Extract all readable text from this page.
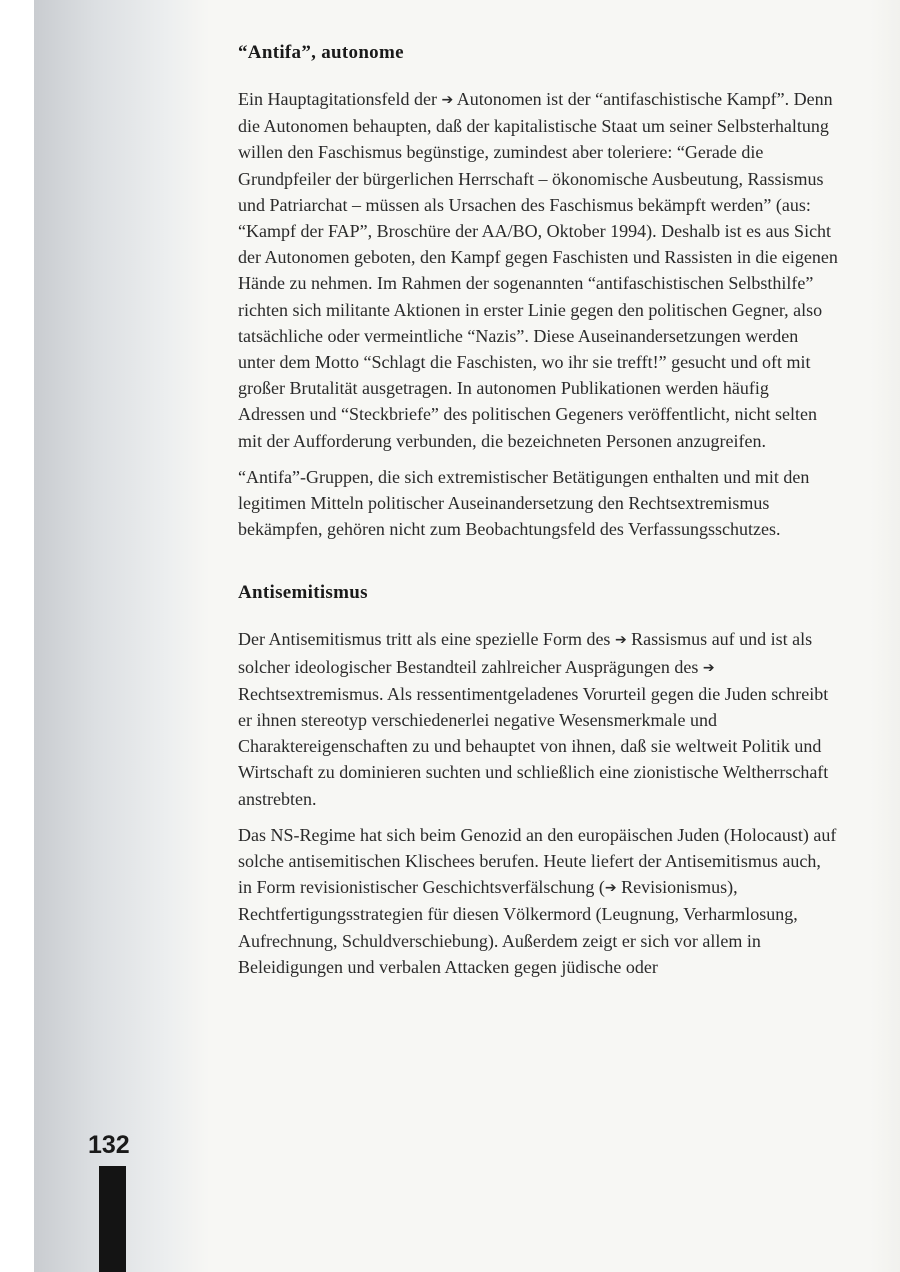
“Antifa”, autonome

Ein Hauptagitationsfeld der ➔ Autonomen ist der “antifaschistische Kampf”. Denn die Autonomen behaupten, daß der kapitalistische Staat um seiner Selbsterhaltung willen den Faschismus begünstige, zumindest aber toleriere: “Gerade die Grundpfeiler der bürgerlichen Herrschaft – ökonomische Ausbeutung, Rassismus und Patriarchat – müssen als Ursachen des Faschismus bekämpft werden” (aus: “Kampf der FAP”, Broschüre der AA/BO, Oktober 1994). Deshalb ist es aus Sicht der Autonomen geboten, den Kampf gegen Faschisten und Rassisten in die eigenen Hände zu nehmen. Im Rahmen der sogenannten “antifaschistischen Selbsthilfe” richten sich militante Aktionen in erster Linie gegen den politischen Gegner, also tatsächliche oder vermeintliche “Nazis”. Diese Auseinandersetzungen werden unter dem Motto “Schlagt die Faschisten, wo ihr sie trefft!” gesucht und oft mit großer Brutalität ausgetragen. In autonomen Publikationen werden häufig Adressen und “Steckbriefe” des politischen Gegeners veröffentlicht, nicht selten mit der Aufforderung verbunden, die bezeichneten Personen anzugreifen.

“Antifa”-Gruppen, die sich extremistischer Betätigungen enthalten und mit den legitimen Mitteln politischer Auseinandersetzung den Rechtsextremismus bekämpfen, gehören nicht zum Beobachtungsfeld des Verfassungsschutzes.

Antisemitismus

Der Antisemitismus tritt als eine spezielle Form des ➔ Rassismus auf und ist als solcher ideologischer Bestandteil zahlreicher Ausprägungen des ➔ Rechtsextremismus. Als ressentimentgeladenes Vorurteil gegen die Juden schreibt er ihnen stereotyp verschiedenerlei negative Wesensmerkmale und Charaktereigenschaften zu und behauptet von ihnen, daß sie weltweit Politik und Wirtschaft zu dominieren suchten und schließlich eine zionistische Weltherrschaft anstrebten.

Das NS-Regime hat sich beim Genozid an den europäischen Juden (Holocaust) auf solche antisemitischen Klischees berufen. Heute liefert der Antisemitismus auch, in Form revisionistischer Geschichtsverfälschung (➔ Revisionismus), Rechtfertigungsstrategien für diesen Völkermord (Leugnung, Verharmlosung, Aufrechnung, Schuldverschiebung). Außerdem zeigt er sich vor allem in Beleidigungen und verbalen Attacken gegen jüdische oder

132
